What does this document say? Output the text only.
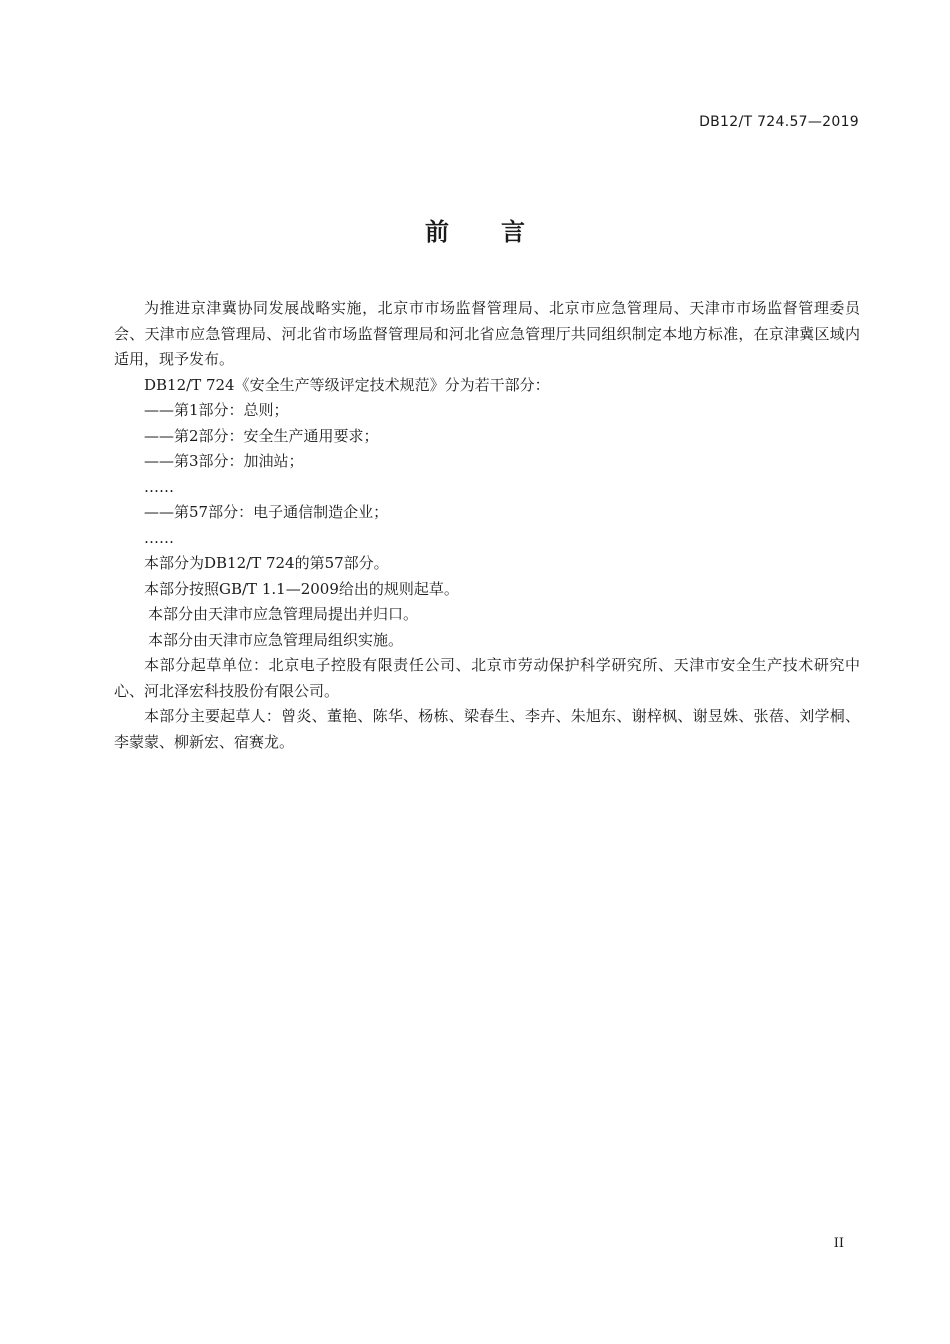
DB12/T 724.57—2019
前言

为推进京津冀协同发展战略实施，北京市市场监督管理局、北京市应急管理局、天津市市场监督管理委员会、天津市应急管理局、河北省市场监督管理局和河北省应急管理厅共同组织制定本地方标准，在京津冀区域内适用，现予发布。

DB12/T 724《安全生产等级评定技术规范》分为若干部分：

——第1部分：总则；

——第2部分：安全生产通用要求；

——第3部分：加油站；

……

——第57部分：电子通信制造企业；

……

本部分为DB12/T 724的第57部分。

本部分按照GB/T 1.1—2009给出的规则起草。

本部分由天津市应急管理局提出并归口。

本部分由天津市应急管理局组织实施。

本部分起草单位：北京电子控股有限责任公司、北京市劳动保护科学研究所、天津市安全生产技术研究中心、河北泽宏科技股份有限公司。

本部分主要起草人：曾炎、董艳、陈华、杨栋、梁春生、李卉、朱旭东、谢梓枫、谢昱姝、张蓓、刘学桐、李蒙蒙、柳新宏、宿赛龙。

II
